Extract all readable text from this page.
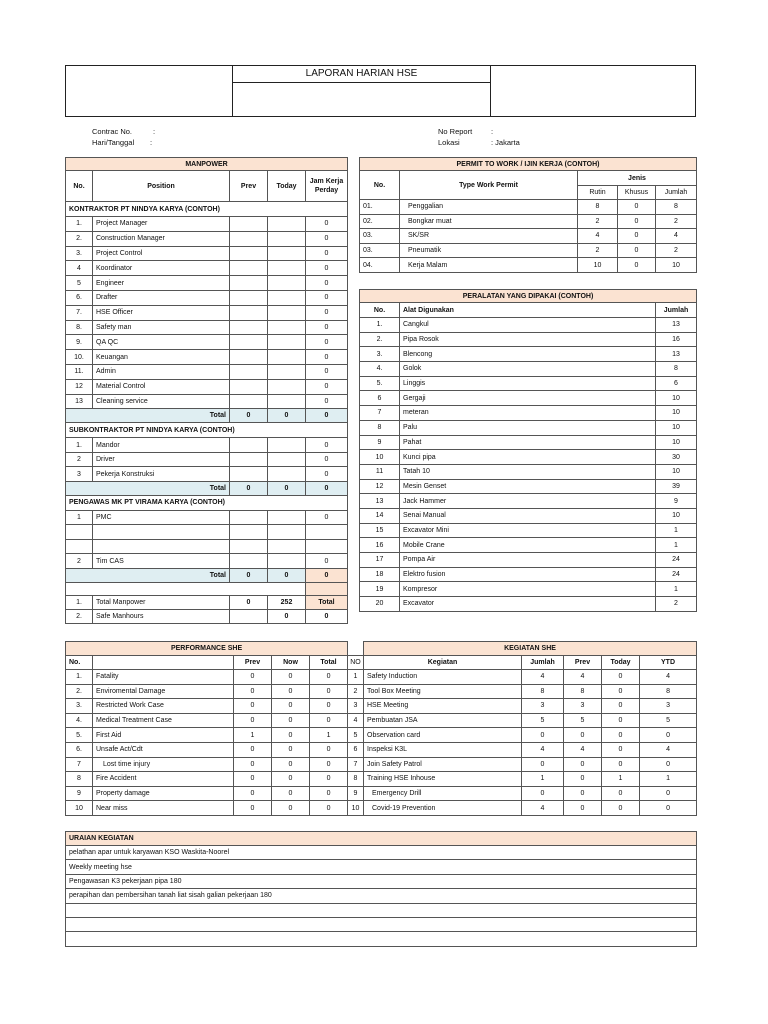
LAPORAN HARIAN HSE
Contrac No.	:
Hari/Tanggal :
No Report	:
Lokasi	: Jakarta
MANPOWER				
No.	Position	Prev	Today	Jam Kerja Perday
KONTRAKTOR PT NINDYA KARYA (CONTOH)				
1.	Project Manager			0
2.	Construction Manager			0
3.	Project Control			0
4	Koordinator			0
5	Engineer			0
6.	Drafter			0
7.	HSE Officer			0
8.	Safety man			0
9.	QA QC			0
10.	Keuangan			0
11.	Admin			0
12	Material Control			0
13	Cleaning service			0
Total		0	0	0
SUBKONTRAKTOR PT NINDYA KARYA (CONTOH)				
1.	Mandor			0
2	Driver			0
3	Pekerja Konstruksi			0
Total		0	0	0
PENGAWAS MK PT VIRAMA KARYA (CONTOH)				
1	PMC			0

2	Tim CAS			0
Total		0	0	0

1.	Total Manpower	0	252	Total
2.	Safe Manhours		0	0
PERMIT TO WORK / IJIN KERJA (CONTOH)				
No.	Type Work Permit	Jenis		
		Rutin	Khusus	Jumlah
01.	Penggalian	8	0	8
02.	Bongkar muat	2	0	2
03.	SK/SR	4	0	4
03.	Pneumatik	2	0	2
04.	Kerja Malam	10	0	10
PERALATAN YANG DIPAKAI (CONTOH)		
No.	Alat Digunakan	Jumlah
1.	Cangkul	13
2.	Pipa Rosok	16
3.	Blencong	13
4.	Golok	8
5.	Linggis	6
6	Gergaji	10
7	meteran	10
8	Palu	10
9	Pahat	10
10	Kunci pipa	30
11	Tatah 10	10
12	Mesin Genset	39
13	Jack Hammer	9
14	Senai Manual	10
15	Excavator Mini	1
16	Mobile Crane	1
17	Pompa Air	24
18	Elektro fusion	24
19	Kompresor	1
20	Excavator	2
PERFORMANCE SHE				
No.		Prev	Now	Total
1.	Fatality	0	0	0
2.	Enviromental Damage	0	0	0
3.	Restricted Work Case	0	0	0
4.	Medical Treatment Case	0	0	0
5.	First Aid	1	0	1
6.	Unsafe Act/Cdt	0	0	0
7	Lost time injury	0	0	0
8	Fire Accident	0	0	0
9	Property damage	0	0	0
10	Near miss	0	0	0
	KEGIATAN SHE				
NO	Kegiatan	Jumlah	Prev	Today	YTD
1	Safety Induction	4	4	0	4
2	Tool Box Meeting	8	8	0	8
3	HSE Meeting	3	3	0	3
4	Pembuatan JSA	5	5	0	5
5	Observation card	0	0	0	0
6	Inspeksi K3L	4	4	0	4
7	Join Safety Patrol	0	0	0	0
8	Training HSE Inhouse	1	0	1	1
9	Emergency Drill	0	0	0	0
10	Covid-19 Prevention	4	0	0	0
URAIAN KEGIATAN
pelathan apar untuk karyawan KSO Waskita-Noorel
Weekly meeting hse
Pengawasan K3 pekerjaan pipa 180
perapihan dan pembersihan tanah liat sisah galian pekerjaan 180
